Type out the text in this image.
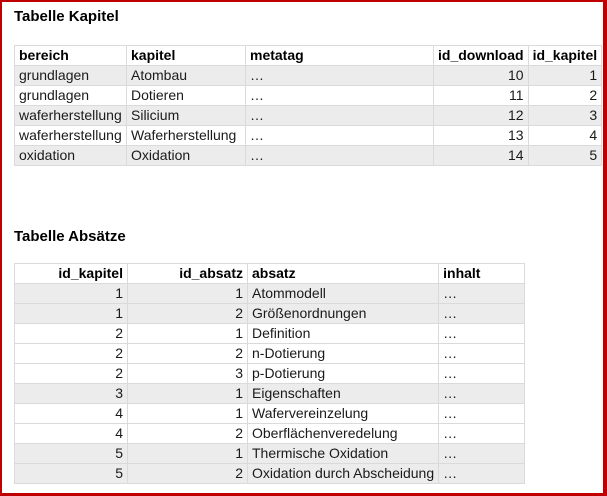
Tabelle Kapitel
bereich	kapitel	metatag	id_download	id_kapitel
grundlagen	Atombau	…	10	1
grundlagen	Dotieren	…	11	2
waferherstellung	Silicium	…	12	3
waferherstellung	Waferherstellung	…	13	4
oxidation	Oxidation	…	14	5
Tabelle Absätze
id_kapitel	id_absatz	absatz	inhalt
1	1	Atommodell	…
1	2	Größenordnungen	…
2	1	Definition	…
2	2	n-Dotierung	…
2	3	p-Dotierung	…
3	1	Eigenschaften	…
4	1	Wafervereinzelung	…
4	2	Oberflächenveredelung	…
5	1	Thermische Oxidation	…
5	2	Oxidation durch Abscheidung	…
